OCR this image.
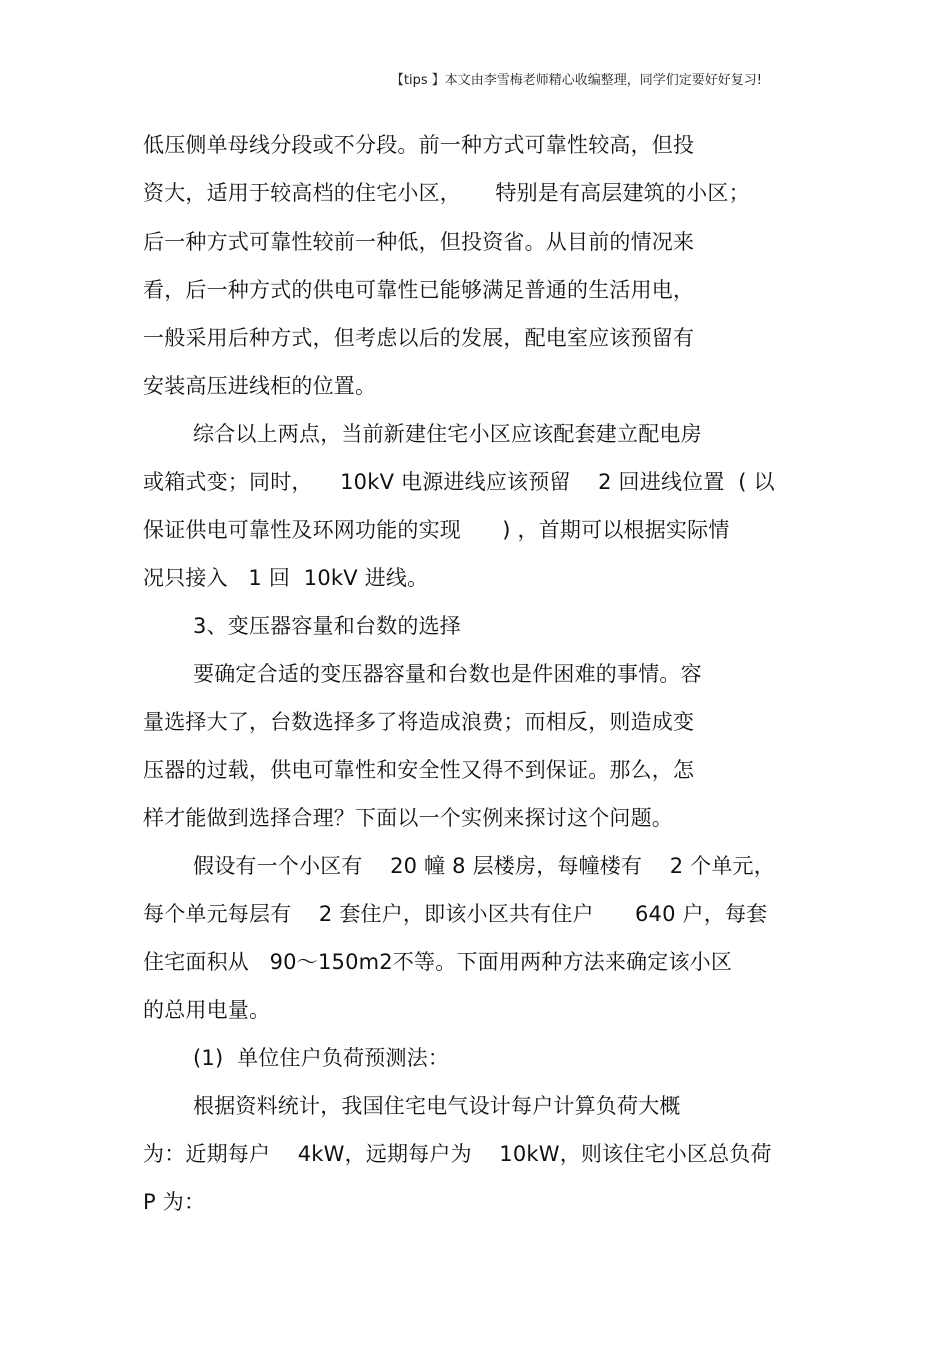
【tips 】本文由李雪梅老师精心收编整理，同学们定要好好复习!
低压侧单母线分段或不分段。前一种方式可靠性较高，但投
资大，适用于较高档的住宅小区，     特别是有高层建筑的小区；
后一种方式可靠性较前一种低，但投资省。从目前的情况来
看，后一种方式的供电可靠性已能够满足普通的生活用电，
一般采用后种方式，但考虑以后的发展，配电室应该预留有
安装高压进线柜的位置。
综合以上两点，当前新建住宅小区应该配套建立配电房
或箱式变；同时，    10kV 电源进线应该预留    2 回进线位置  ( 以
保证供电可靠性及环网功能的实现      ) ，首期可以根据实际情
况只接入   1 回  10kV 进线。
3、变压器容量和台数的选择
要确定合适的变压器容量和台数也是件困难的事情。容
量选择大了，台数选择多了将造成浪费；而相反，则造成变
压器的过载，供电可靠性和安全性又得不到保证。那么，怎
样才能做到选择合理？下面以一个实例来探讨这个问题。
假设有一个小区有    20 幢 8 层楼房，每幢楼有    2 个单元，
每个单元每层有    2 套住户，即该小区共有住户      640 户，每套
住宅面积从   90～150m2不等。下面用两种方法来确定该小区
的总用电量。
(1)  单位住户负荷预测法：
根据资料统计，我国住宅电气设计每户计算负荷大概
为：近期每户    4kW，远期每户为    10kW，则该住宅小区总负荷
P 为：
